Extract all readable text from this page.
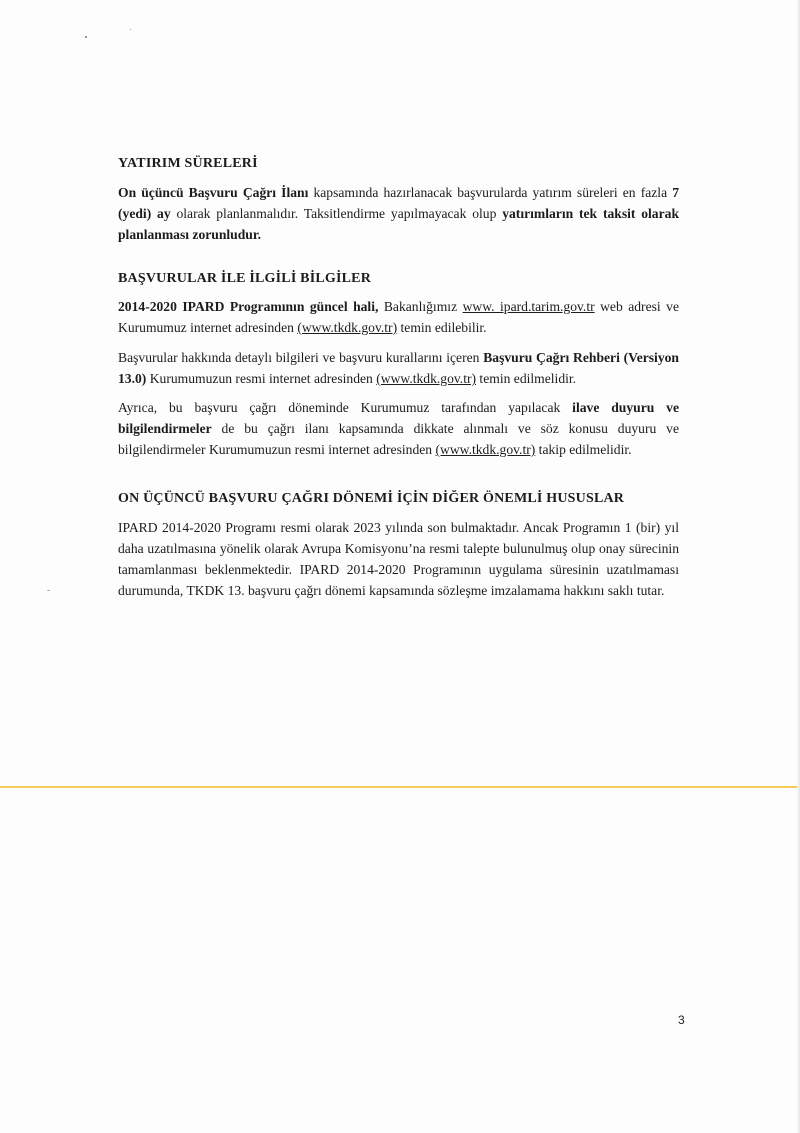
YATIRIM SÜRELERİ

On üçüncü Başvuru Çağrı İlanı kapsamında hazırlanacak başvurularda yatırım süreleri en fazla 7 (yedi) ay olarak planlanmalıdır. Taksitlendirme yapılmayacak olup yatırımların tek taksit olarak planlanması zorunludur.

BAŞVURULAR İLE İLGİLİ BİLGİLER

2014-2020 IPARD Programının güncel hali, Bakanlığımız www. ipard.tarim.gov.tr web adresi ve Kurumumuz internet adresinden (www.tkdk.gov.tr) temin edilebilir.

Başvurular hakkında detaylı bilgileri ve başvuru kurallarını içeren Başvuru Çağrı Rehberi (Versiyon 13.0) Kurumumuzun resmi internet adresinden (www.tkdk.gov.tr) temin edilmelidir.

Ayrıca, bu başvuru çağrı döneminde Kurumumuz tarafından yapılacak ilave duyuru ve bilgilendirmeler de bu çağrı ilanı kapsamında dikkate alınmalı ve söz konusu duyuru ve bilgilendirmeler Kurumumuzun resmi internet adresinden (www.tkdk.gov.tr) takip edilmelidir.

ON ÜÇÜNCÜ BAŞVURU ÇAĞRI DÖNEMİ İÇİN DİĞER ÖNEMLİ HUSUSLAR

IPARD 2014-2020 Programı resmi olarak 2023 yılında son bulmaktadır. Ancak Programın 1 (bir) yıl daha uzatılmasına yönelik olarak Avrupa Komisyonu’na resmi talepte bulunulmuş olup onay sürecinin tamamlanması beklenmektedir. IPARD 2014-2020 Programının uygulama süresinin uzatılmaması durumunda, TKDK 13. başvuru çağrı dönemi kapsamında sözleşme imzalamama hakkını saklı tutar.

3
